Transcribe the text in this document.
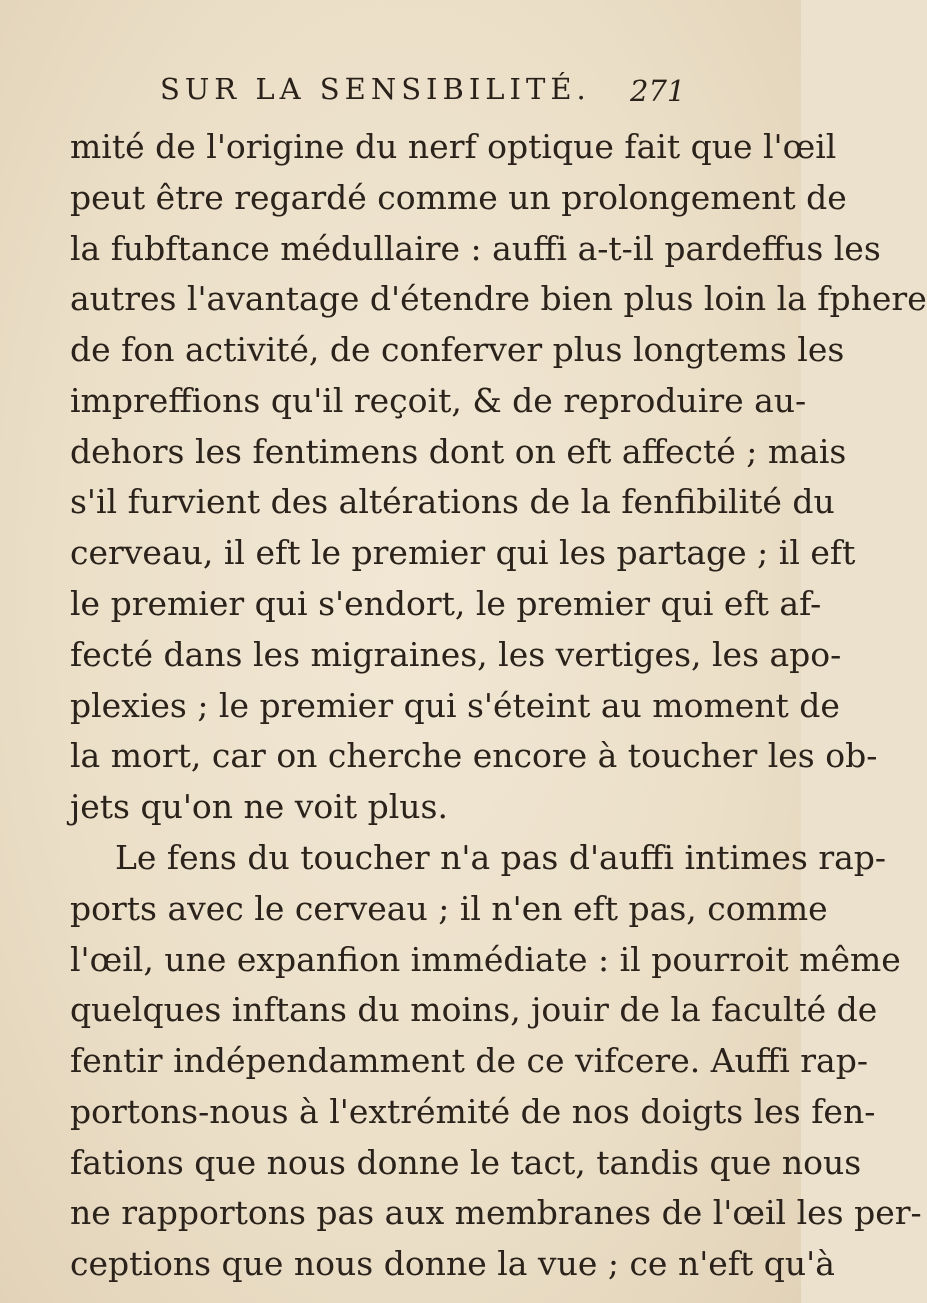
SUR LA SENSIBILITÉ. 271
mité de l'origine du nerf optique fait que l'œil
peut être regardé comme un prolongement de
la fubftance médullaire : auffi a-t-il pardeffus les
autres l'avantage d'étendre bien plus loin la fphere
de fon activité, de conferver plus longtems les
impreffions qu'il reçoit, & de reproduire au-
dehors les fentimens dont on eft affecté ; mais
s'il furvient des altérations de la fenfibilité du
cerveau, il eft le premier qui les partage ; il eft
le premier qui s'endort, le premier qui eft af-
fecté dans les migraines, les vertiges, les apo-
plexies ; le premier qui s'éteint au moment de
la mort, car on cherche encore à toucher les ob-
jets qu'on ne voit plus.
Le fens du toucher n'a pas d'auffi intimes rap-
ports avec le cerveau ; il n'en eft pas, comme
l'œil, une expanfion immédiate : il pourroit même
quelques inftans du moins, jouir de la faculté de
fentir indépendamment de ce vifcere. Auffi rap-
portons-nous à l'extrémité de nos doigts les fen-
fations que nous donne le tact, tandis que nous
ne rapportons pas aux membranes de l'œil les per-
ceptions que nous donne la vue ; ce n'eft qu'à
